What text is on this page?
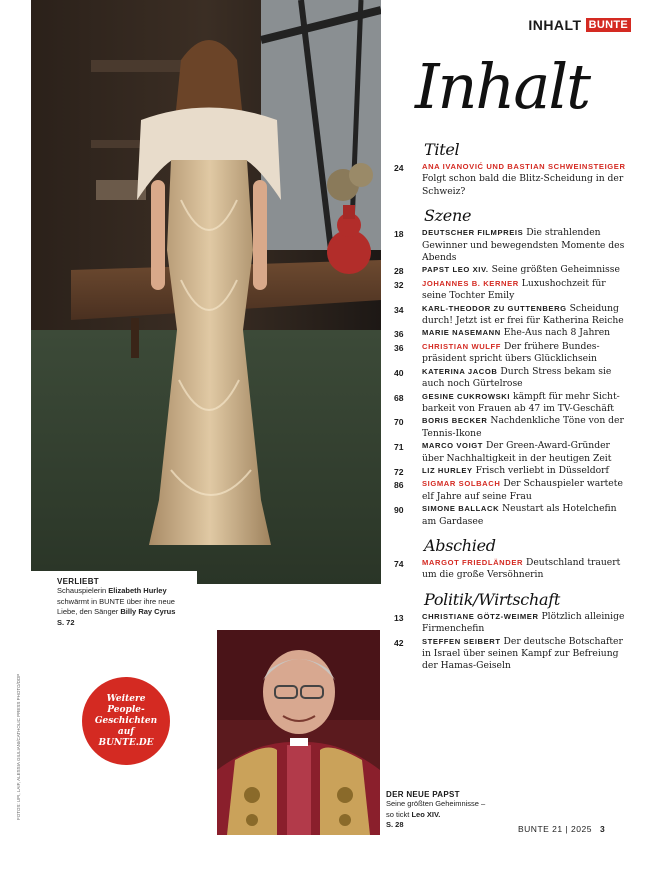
INHALT BUNTE
VERLIEBT
Schauspielerin Elizabeth Hurley schwärmt in BUNTE über ihre neue Liebe, den Sänger Billy Ray Cyrus
S. 72
FOTOS: UPI, LAIF, ALESSIA GIULIANI/CATHOLIC PRESS PHOTO/DDP	Weitere People-Geschichten auf BUNTE.DE
DER NEUE PAPST
Seine größten Geheimnisse – so tickt Leo XIV.
S. 28
Inhalt
Titel
24	ANA IVANOVIĆ UND BASTIAN SCHWEINSTEIGER Folgt schon bald die Blitz-Scheidung in der Schweiz?
Szene
18	DEUTSCHER FILMPREIS Die strahlenden Gewinner und bewegendsten Momente des Abends
28	PAPST LEO XIV. Seine größten Geheimnisse
32	JOHANNES B. KERNER Luxushochzeit für seine Tochter Emily
34	KARL-THEODOR ZU GUTTENBERG Scheidung durch! Jetzt ist er frei für Katherina Reiche
36	MARIE NASEMANN Ehe-Aus nach 8 Jahren
36	CHRISTIAN WULFF Der frühere Bundespräsident spricht übers Glücklichsein
40	KATERINA JACOB Durch Stress bekam sie auch noch Gürtelrose
68	GESINE CUKROWSKI kämpft für mehr Sichtbarkeit von Frauen ab 47 im TV-Geschäft
70	BORIS BECKER Nachdenkliche Töne von der Tennis-Ikone
71	MARCO VOIGT Der Green-Award-Gründer über Nachhaltigkeit in der heutigen Zeit
72	LIZ HURLEY Frisch verliebt in Düsseldorf
86	SIGMAR SOLBACH Der Schauspieler wartete elf Jahre auf seine Frau
90	SIMONE BALLACK Neustart als Hotelchefin am Gardasee
Abschied
74	MARGOT FRIEDLÄNDER Deutschland trauert um die große Versöhnerin
Politik/Wirtschaft
13	CHRISTIANE GÖTZ-WEIMER Plötzlich alleinige Firmenchefin
42	STEFFEN SEIBERT Der deutsche Botschafter in Israel über seinen Kampf zur Befreiung der Hamas-Geiseln
BUNTE 21 | 2025 3
